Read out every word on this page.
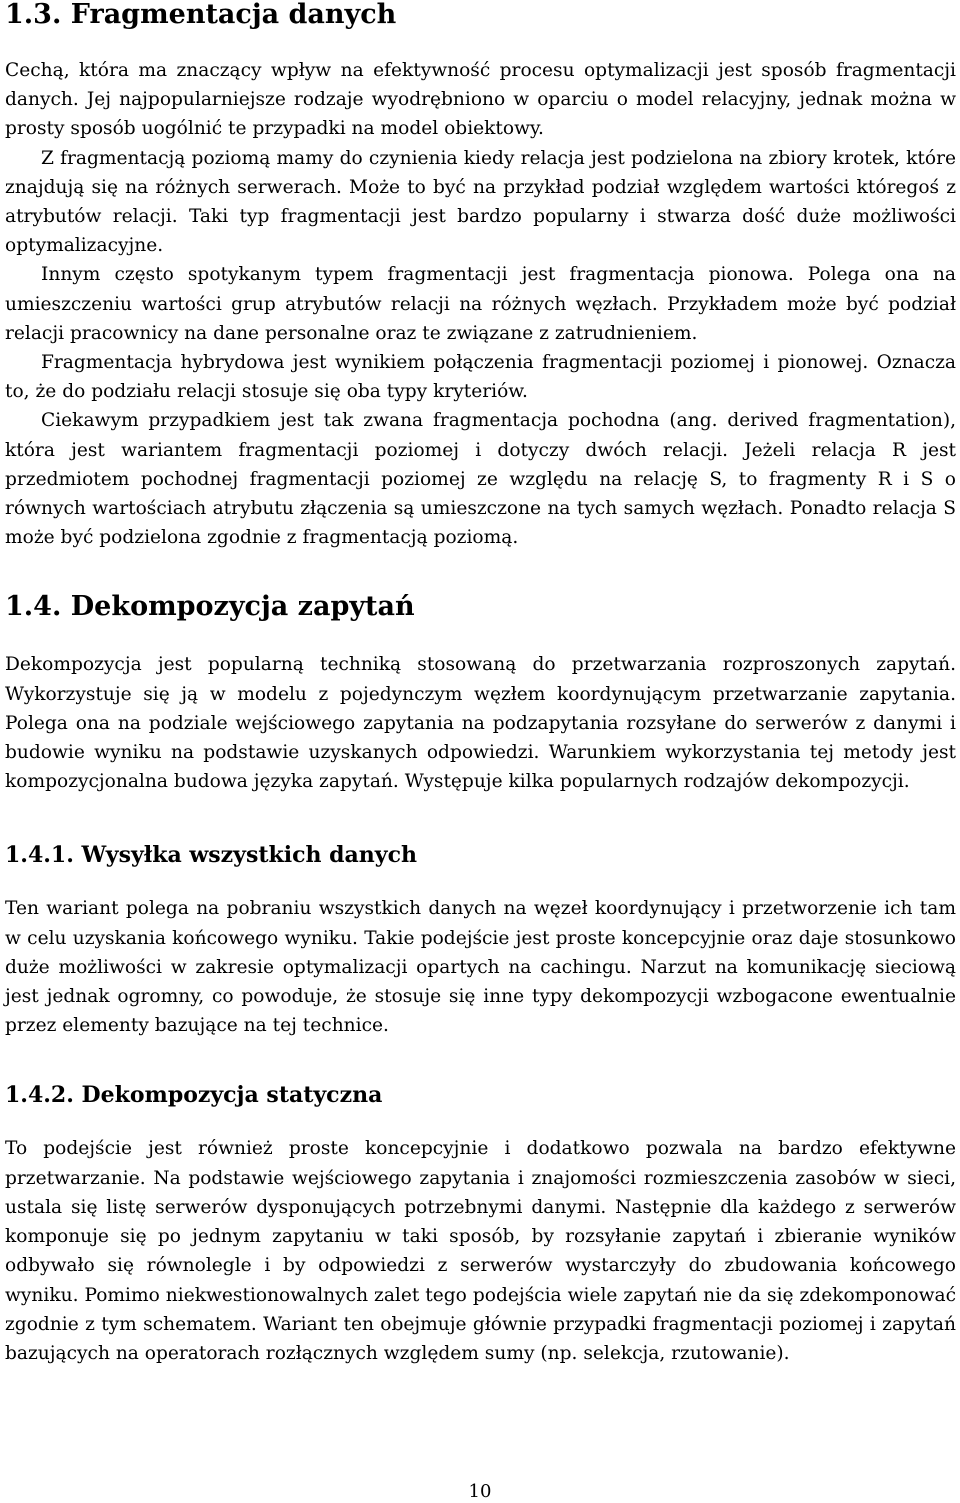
1.3. Fragmentacja danych

Cechą, która ma znaczący wpływ na efektywność procesu optymalizacji jest sposób fragmentacji danych. Jej najpopularniejsze rodzaje wyodrębniono w oparciu o model relacyjny, jednak można w prosty sposób uogólnić te przypadki na model obiektowy.

Z fragmentacją poziomą mamy do czynienia kiedy relacja jest podzielona na zbiory krotek, które znajdują się na różnych serwerach. Może to być na przykład podział względem wartości któregoś z atrybutów relacji. Taki typ fragmentacji jest bardzo popularny i stwarza dość duże możliwości optymalizacyjne.

Innym często spotykanym typem fragmentacji jest fragmentacja pionowa. Polega ona na umieszczeniu wartości grup atrybutów relacji na różnych węzłach. Przykładem może być podział relacji pracownicy na dane personalne oraz te związane z zatrudnieniem.

Fragmentacja hybrydowa jest wynikiem połączenia fragmentacji poziomej i pionowej. Oznacza to, że do podziału relacji stosuje się oba typy kryteriów.

Ciekawym przypadkiem jest tak zwana fragmentacja pochodna (ang. derived fragmentation), która jest wariantem fragmentacji poziomej i dotyczy dwóch relacji. Jeżeli relacja R jest przedmiotem pochodnej fragmentacji poziomej ze względu na relację S, to fragmenty R i S o równych wartościach atrybutu złączenia są umieszczone na tych samych węzłach. Ponadto relacja S może być podzielona zgodnie z fragmentacją poziomą.

1.4. Dekompozycja zapytań

Dekompozycja jest popularną techniką stosowaną do przetwarzania rozproszonych zapytań. Wykorzystuje się ją w modelu z pojedynczym węzłem koordynującym przetwarzanie zapytania. Polega ona na podziale wejściowego zapytania na podzapytania rozsyłane do serwerów z danymi i budowie wyniku na podstawie uzyskanych odpowiedzi. Warunkiem wykorzystania tej metody jest kompozycjonalna budowa języka zapytań. Występuje kilka popularnych rodzajów dekompozycji.

1.4.1. Wysyłka wszystkich danych

Ten wariant polega na pobraniu wszystkich danych na węzeł koordynujący i przetworzenie ich tam w celu uzyskania końcowego wyniku. Takie podejście jest proste koncepcyjnie oraz daje stosunkowo duże możliwości w zakresie optymalizacji opartych na cachingu. Narzut na komunikację sieciową jest jednak ogromny, co powoduje, że stosuje się inne typy dekompozycji wzbogacone ewentualnie przez elementy bazujące na tej technice.

1.4.2. Dekompozycja statyczna

To podejście jest również proste koncepcyjnie i dodatkowo pozwala na bardzo efektywne przetwarzanie. Na podstawie wejściowego zapytania i znajomości rozmieszczenia zasobów w sieci, ustala się listę serwerów dysponujących potrzebnymi danymi. Następnie dla każdego z serwerów komponuje się po jednym zapytaniu w taki sposób, by rozsyłanie zapytań i zbieranie wyników odbywało się równolegle i by odpowiedzi z serwerów wystarczyły do zbudowania końcowego wyniku. Pomimo niekwestionowalnych zalet tego podejścia wiele zapytań nie da się zdekomponować zgodnie z tym schematem. Wariant ten obejmuje głównie przypadki fragmentacji poziomej i zapytań bazujących na operatorach rozłącznych względem sumy (np. selekcja, rzutowanie).

10
